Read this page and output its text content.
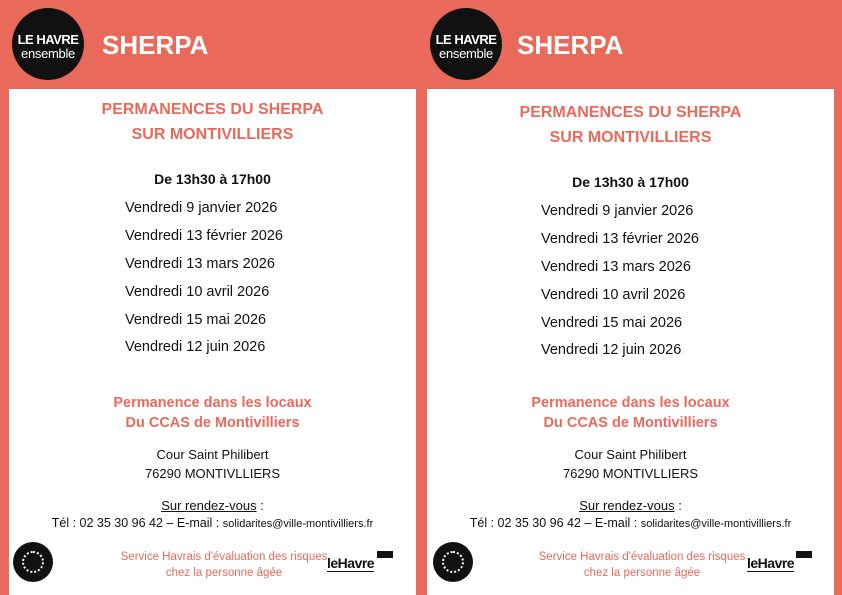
LE HAVRE
ensemble	SHERPA
PERMANENCES DU SHERPA
SUR MONTIVILLIERS
De 13h30 à 17h00
Vendredi 9 janvier 2026
Vendredi 13 février 2026
Vendredi 13 mars 2026
Vendredi 10 avril 2026
Vendredi 15 mai 2026
Vendredi 12 juin 2026
Permanence dans les locaux
Du CCAS de Montivilliers
Cour Saint Philibert
76290 MONTIVLLIERS
Sur rendez-vous :
Tél : 02 35 30 96 42 – E-mail : solidarites@ville-montivilliers.fr
Service Havrais d'évaluation des risques
chez la personne âgée
leHavre
LE HAVRE
ensemble SHERPA
PERMANENCES DU SHERPA
SUR MONTIVILLIERS
De 13h30 à 17h00
Vendredi 9 janvier 2026
Vendredi 13 février 2026
Vendredi 13 mars 2026
Vendredi 10 avril 2026
Vendredi 15 mai 2026
Vendredi 12 juin 2026
Permanence dans les locaux
Du CCAS de Montivilliers
Cour Saint Philibert
76290 MONTIVLLIERS
Sur rendez-vous :
Tél : 02 35 30 96 42 – E-mail : solidarites@ville-montivilliers.fr
Service Havrais d'évaluation des risques
chez la personne âgée
leHavre
